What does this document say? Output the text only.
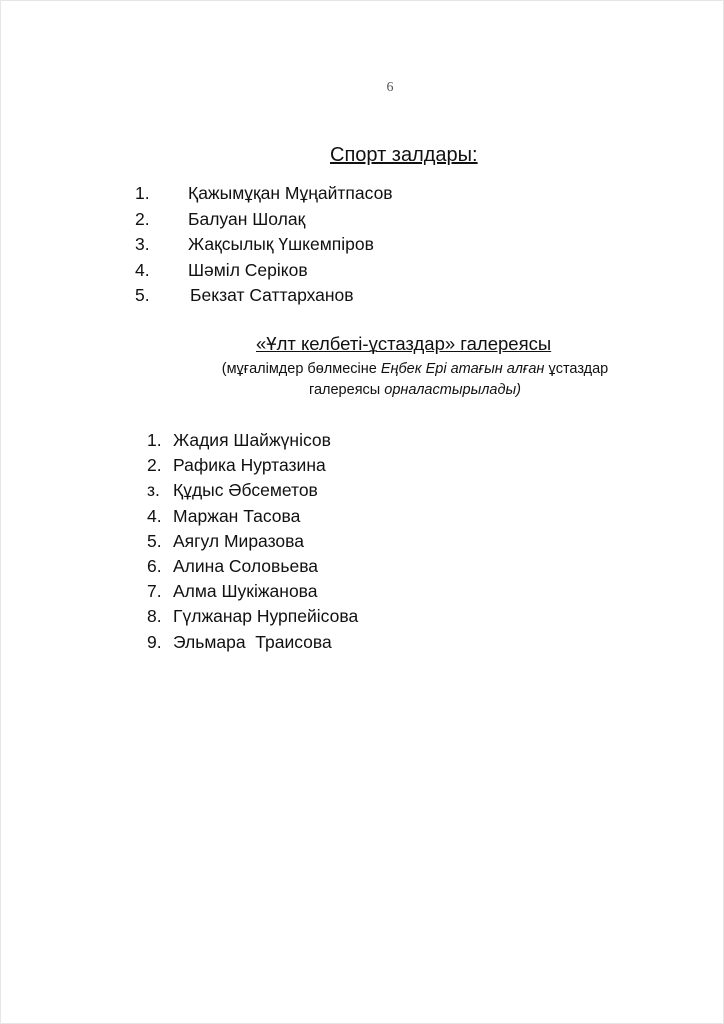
6
Спорт залдары:
1. Қажымұқан Мұңайтпасов
2. Балуан Шолақ
3. Жақсылық Үшкемпіров
4. Шәміл Серіков
5. Бекзат Саттарханов
«Ұлт келбеті-ұстаздар» галереясы
(мұғалімдер бөлмесіне Еңбек Ері атағын алған ұстаздар
галереясы орналастырылады)
1. Жадия Шайжүнісов
2. Рафика Нуртазина
з. Құдыс Әбсеметов
4. Маржан Тасова
5. Аягул Миразова
6. Алина Соловьева
7. Алма Шукіжанова
8. Гүлжанар Нурпейісова
9. Эльмара  Траисова
